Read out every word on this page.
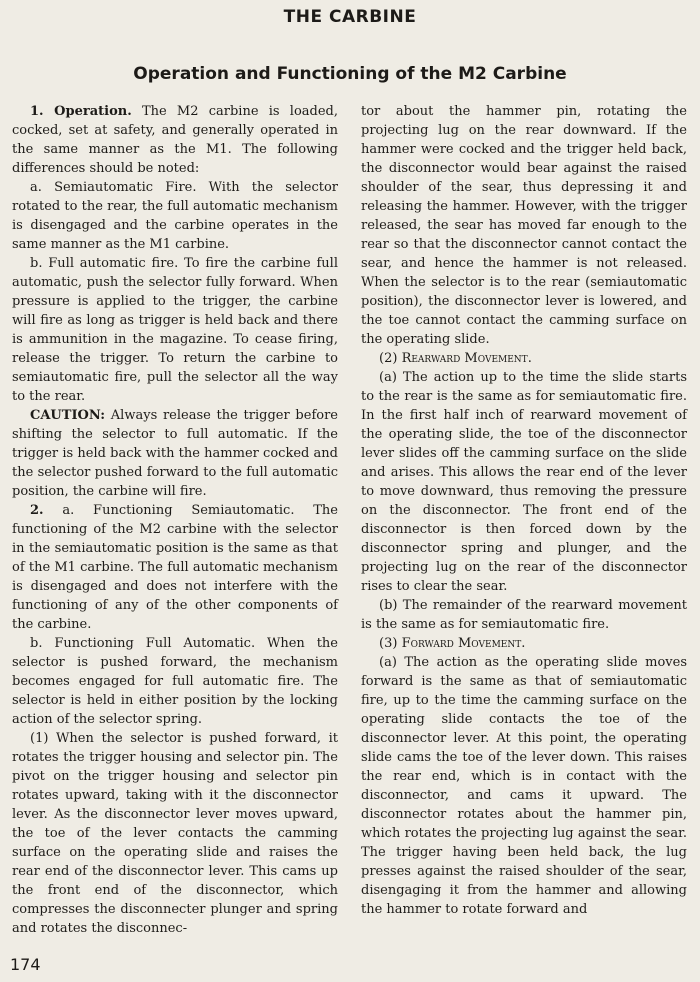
THE CARBINE
Operation and Functioning of the M2 Carbine

1. Operation. The M2 carbine is loaded, cocked, set at safety, and generally operated in the same manner as the M1. The following differences should be noted:

a. Semiautomatic Fire. With the selector rotated to the rear, the full automatic mechanism is disengaged and the carbine operates in the same manner as the M1 carbine.

b. Full automatic fire. To fire the carbine full automatic, push the selector fully forward. When pressure is applied to the trigger, the carbine will fire as long as trigger is held back and there is ammunition in the magazine. To cease firing, release the trigger. To return the carbine to semiautomatic fire, pull the selector all the way to the rear.

CAUTION: Always release the trigger before shifting the selector to full automatic. If the trigger is held back with the hammer cocked and the selector pushed forward to the full automatic position, the carbine will fire.

2. a. Functioning Semiautomatic. The functioning of the M2 carbine with the selector in the semiautomatic position is the same as that of the M1 carbine. The full automatic mechanism is disengaged and does not interfere with the functioning of any of the other components of the carbine.

b. Functioning Full Automatic. When the selector is pushed forward, the mechanism becomes engaged for full automatic fire. The selector is held in either position by the locking action of the selector spring.

(1) When the selector is pushed forward, it rotates the trigger housing and selector pin. The pivot on the trigger housing and selector pin rotates upward, taking with it the disconnector lever. As the disconnector lever moves upward, the toe of the lever contacts the camming surface on the operating slide and raises the rear end of the disconnector lever. This cams up the front end of the disconnector, which compresses the disconnecter plunger and spring and rotates the disconnec-

tor about the hammer pin, rotating the projecting lug on the rear downward. If the hammer were cocked and the trigger held back, the disconnector would bear against the raised shoulder of the sear, thus depressing it and releasing the hammer. However, with the trigger released, the sear has moved far enough to the rear so that the disconnector cannot contact the sear, and hence the hammer is not released. When the selector is to the rear (semiautomatic position), the disconnector lever is lowered, and the toe cannot contact the camming surface on the operating slide.

(2) Rearward Movement.

(a) The action up to the time the slide starts to the rear is the same as for semiautomatic fire. In the first half inch of rearward movement of the operating slide, the toe of the disconnector lever slides off the camming surface on the slide and arises. This allows the rear end of the lever to move downward, thus removing the pressure on the disconnector. The front end of the disconnector is then forced down by the disconnector spring and plunger, and the projecting lug on the rear of the disconnector rises to clear the sear.

(b) The remainder of the rearward movement is the same as for semiautomatic fire.

(3) Forward Movement.

(a) The action as the operating slide moves forward is the same as that of semiautomatic fire, up to the time the camming surface on the operating slide contacts the toe of the disconnector lever. At this point, the operating slide cams the toe of the lever down. This raises the rear end, which is in contact with the disconnector, and cams it upward. The disconnector rotates about the hammer pin, which rotates the projecting lug against the sear. The trigger having been held back, the lug presses against the raised shoulder of the sear, disengaging it from the hammer and allowing the hammer to rotate forward and

174
